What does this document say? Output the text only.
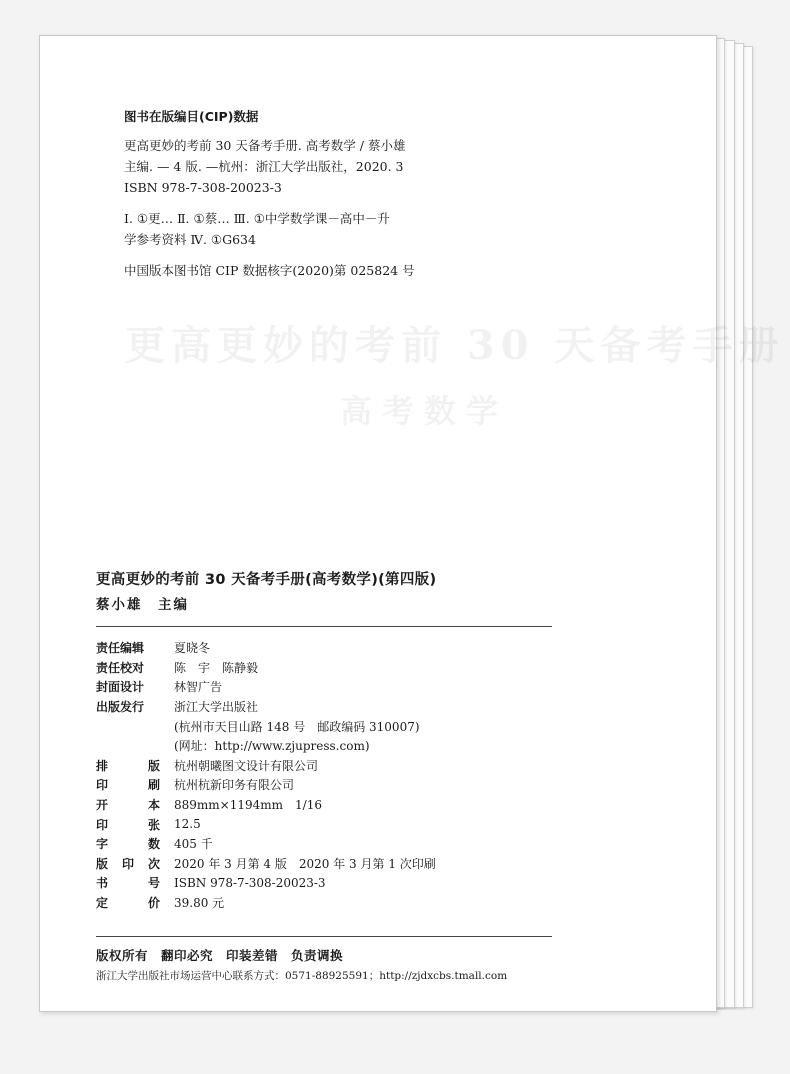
更高更妙的考前 30 天备考手册
高考数学
图书在版编目(CIP)数据

更高更妙的考前 30 天备考手册. 高考数学 / 蔡小雄

主编. — 4 版. —杭州：浙江大学出版社，2020. 3

ISBN 978-7-308-20023-3

Ⅰ. ①更… Ⅱ. ①蔡… Ⅲ. ①中学数学课－高中－升

学参考资料 Ⅳ. ①G634

中国版本图书馆 CIP 数据核字(2020)第 025824 号

更高更妙的考前 30 天备考手册(高考数学)(第四版)
蔡小雄　主编
责任编辑	夏晓冬
责任校对	陈　宇　陈静毅
封面设计	林智广告
出版发行	浙江大学出版社
(杭州市天目山路 148 号　邮政编码 310007)
(网址：http://www.zjupress.com)
排	版 杭州朝曦图文设计有限公司
印	刷 杭州杭新印务有限公司
开	本 889mm×1194mm　1/16
印	张 12.5
字	数 405 千
版 印 次 2020 年 3 月第 4 版　2020 年 3 月第 1 次印刷
书	号 ISBN 978-7-308-20023-3
定	价 39.80 元
版权所有　翻印必究　印装差错　负责调换
浙江大学出版社市场运营中心联系方式：0571-88925591；http://zjdxcbs.tmall.com
